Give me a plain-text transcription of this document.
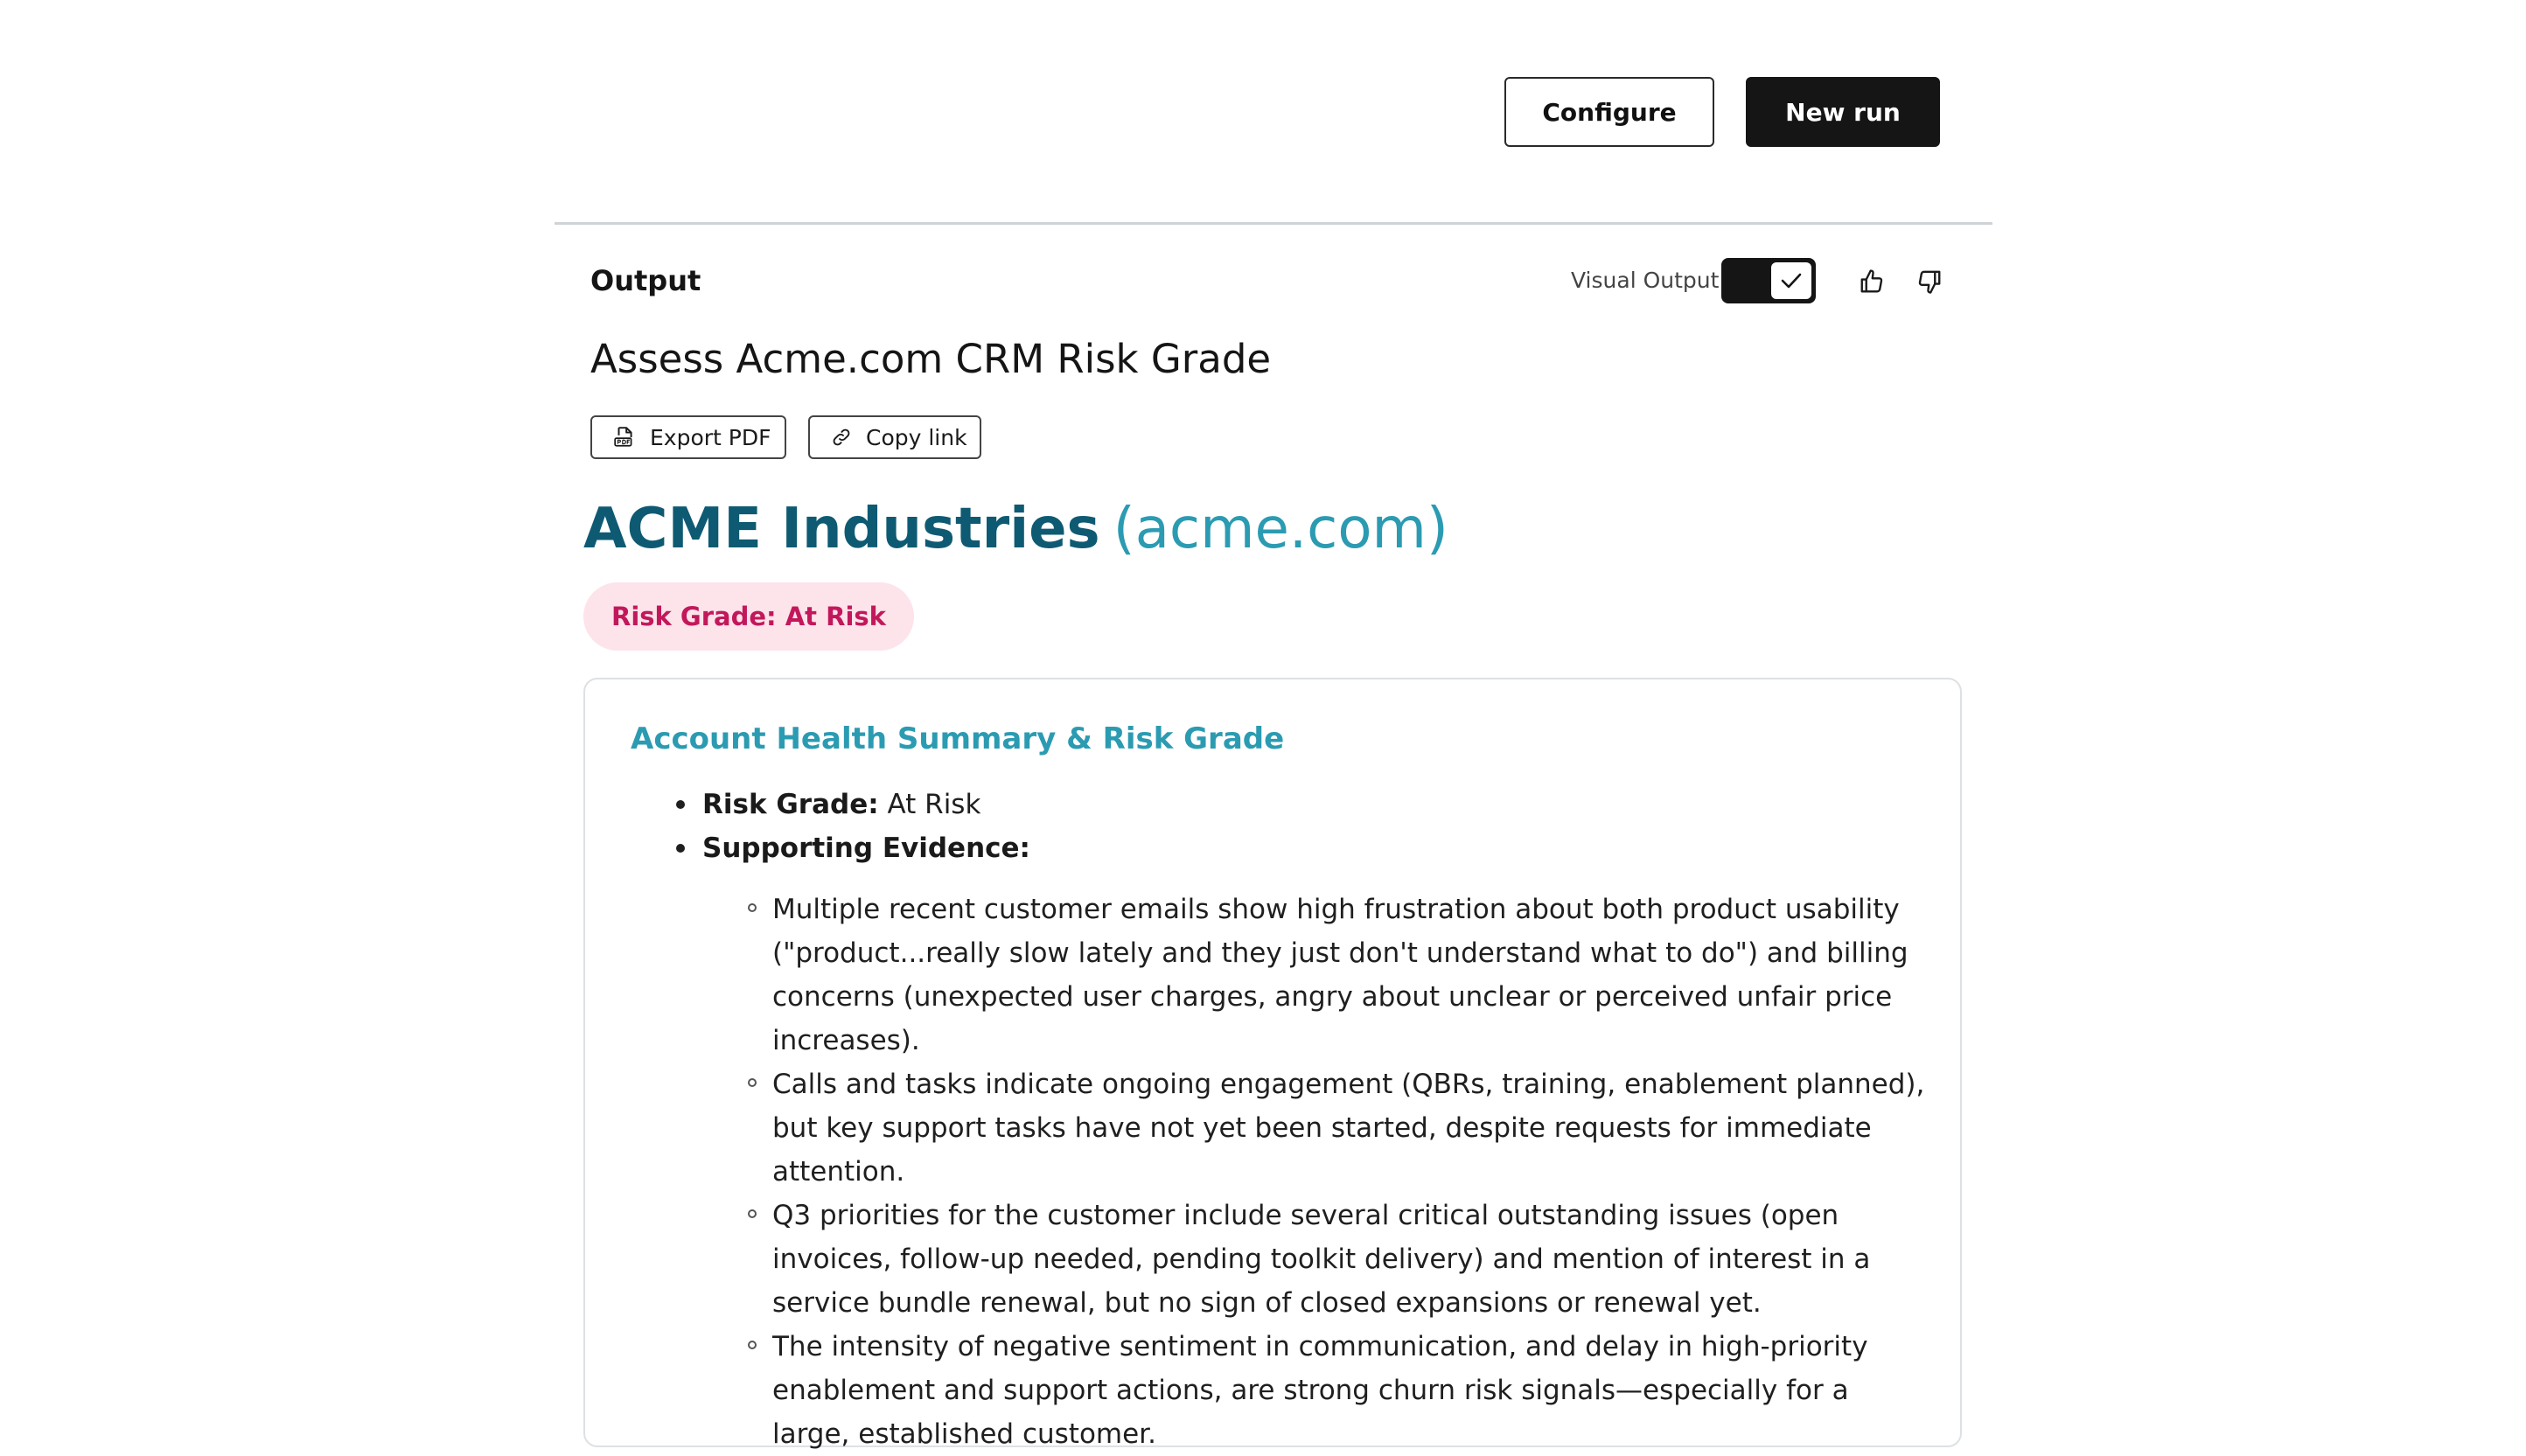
Configure	New run
Output	Visual Output
Assess Acme.com CRM Risk Grade
Export PDF	Copy link
ACME Industries (acme.com)
Risk Grade: At Risk
Account Health Summary & Risk Grade
Risk Grade: At Risk
Supporting Evidence:
Multiple recent customer emails show high frustration about both product usability ("product...really slow lately and they just don't understand what to do") and billing concerns (unexpected user charges, angry about unclear or perceived unfair price increases).
Calls and tasks indicate ongoing engagement (QBRs, training, enablement planned), but key support tasks have not yet been started, despite requests for immediate attention.
Q3 priorities for the customer include several critical outstanding issues (open invoices, follow-up needed, pending toolkit delivery) and mention of interest in a service bundle renewal, but no sign of closed expansions or renewal yet.
The intensity of negative sentiment in communication, and delay in high-priority enablement and support actions, are strong churn risk signals—especially for a large, established customer.
